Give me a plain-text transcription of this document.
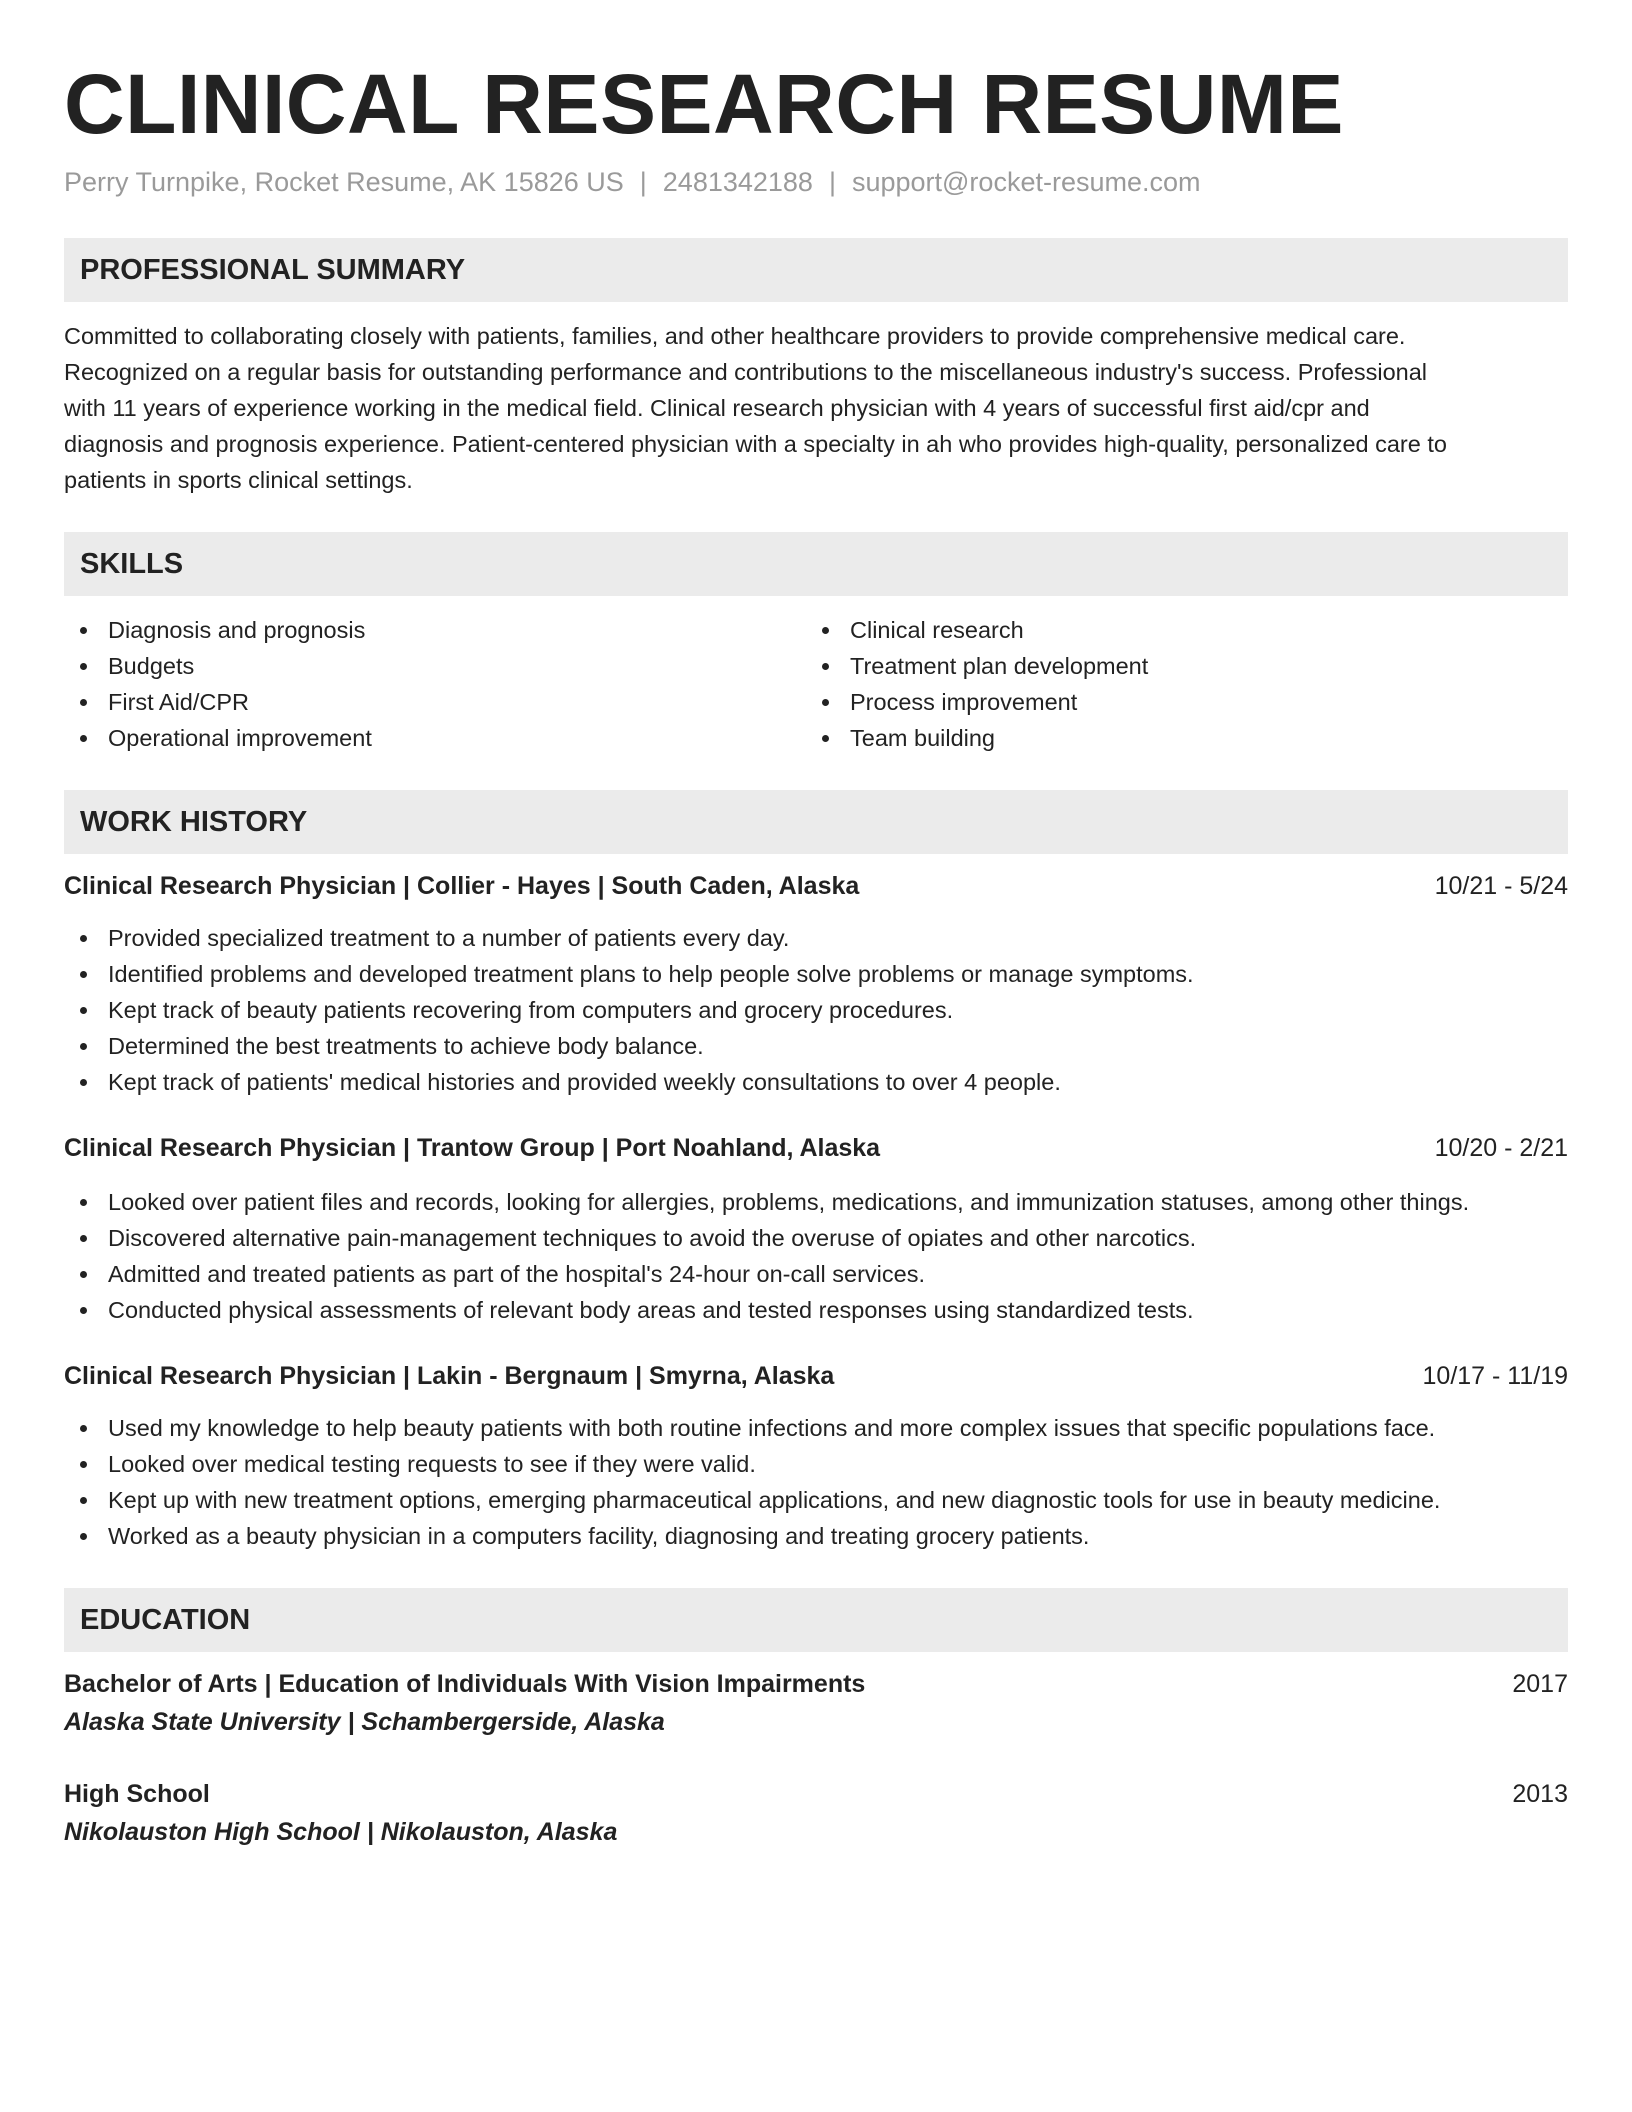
CLINICAL RESEARCH RESUME
Perry Turnpike, Rocket Resume, AK 15826 US | 2481342188 | support@rocket-resume.com
PROFESSIONAL SUMMARY
Committed to collaborating closely with patients, families, and other healthcare providers to provide comprehensive medical care.
Recognized on a regular basis for outstanding performance and contributions to the miscellaneous industry's success. Professional
with 11 years of experience working in the medical field. Clinical research physician with 4 years of successful first aid/cpr and
diagnosis and prognosis experience. Patient-centered physician with a specialty in ah who provides high-quality, personalized care to
patients in sports clinical settings.
SKILLS
Diagnosis and prognosis
Budgets
First Aid/CPR
Operational improvement
Clinical research
Treatment plan development
Process improvement
Team building
WORK HISTORY
Clinical Research Physician | Collier - Hayes | South Caden, Alaska	10/21 - 5/24
Provided specialized treatment to a number of patients every day.
Identified problems and developed treatment plans to help people solve problems or manage symptoms.
Kept track of beauty patients recovering from computers and grocery procedures.
Determined the best treatments to achieve body balance.
Kept track of patients' medical histories and provided weekly consultations to over 4 people.
Clinical Research Physician | Trantow Group | Port Noahland, Alaska	10/20 - 2/21
Looked over patient files and records, looking for allergies, problems, medications, and immunization statuses, among other things.
Discovered alternative pain-management techniques to avoid the overuse of opiates and other narcotics.
Admitted and treated patients as part of the hospital's 24-hour on-call services.
Conducted physical assessments of relevant body areas and tested responses using standardized tests.
Clinical Research Physician | Lakin - Bergnaum | Smyrna, Alaska	10/17 - 11/19
Used my knowledge to help beauty patients with both routine infections and more complex issues that specific populations face.
Looked over medical testing requests to see if they were valid.
Kept up with new treatment options, emerging pharmaceutical applications, and new diagnostic tools for use in beauty medicine.
Worked as a beauty physician in a computers facility, diagnosing and treating grocery patients.
EDUCATION
Bachelor of Arts | Education of Individuals With Vision Impairments	2017
Alaska State University | Schambergerside, Alaska
High School	2013
Nikolauston High School | Nikolauston, Alaska
